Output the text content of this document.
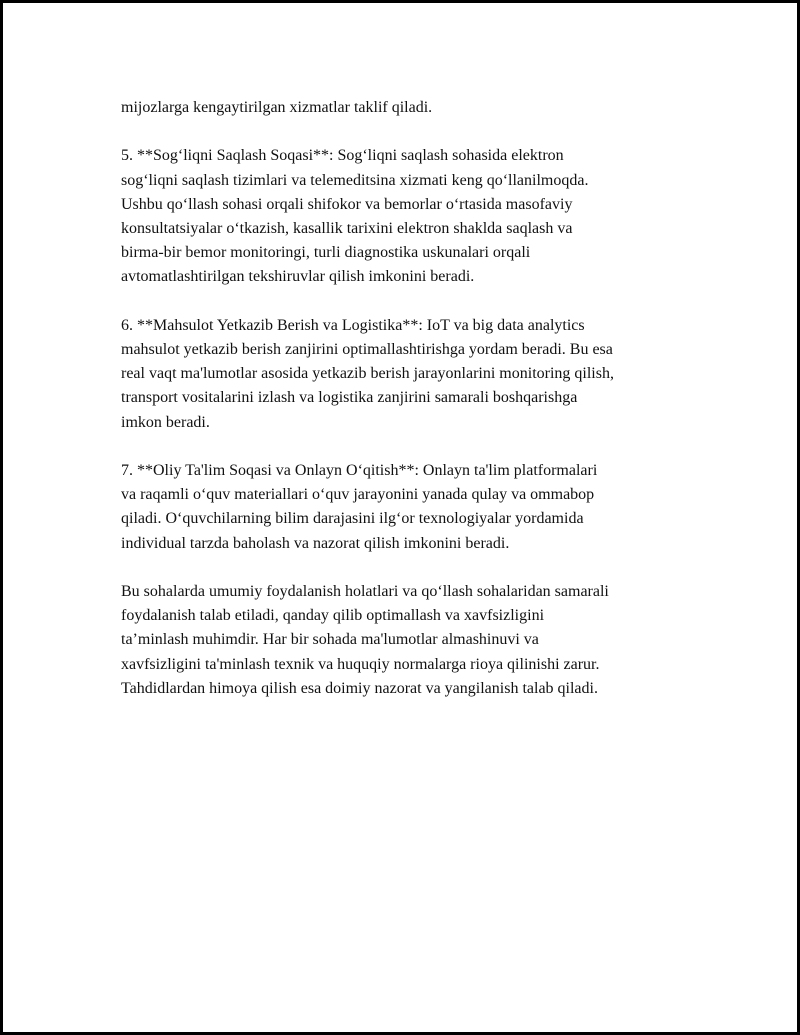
mijozlarga kengaytirilgan xizmatlar taklif qiladi.

5. **Sog‘liqni Saqlash Soqasi**: Sog‘liqni saqlash sohasida elektron
sog‘liqni saqlash tizimlari va telemeditsina xizmati keng qo‘llanilmoqda.
Ushbu qo‘llash sohasi orqali shifokor va bemorlar o‘rtasida masofaviy
konsultatsiyalar o‘tkazish, kasallik tarixini elektron shaklda saqlash va
birma-bir bemor monitoringi, turli diagnostika uskunalari orqali
avtomatlashtirilgan tekshiruvlar qilish imkonini beradi.

6. **Mahsulot Yetkazib Berish va Logistika**: IoT va big data analytics
mahsulot yetkazib berish zanjirini optimallashtirishga yordam beradi. Bu esa
real vaqt ma'lumotlar asosida yetkazib berish jarayonlarini monitoring qilish,
transport vositalarini izlash va logistika zanjirini samarali boshqarishga
imkon beradi.

7. **Oliy Ta'lim Soqasi va Onlayn O‘qitish**: Onlayn ta'lim platformalari
va raqamli o‘quv materiallari o‘quv jarayonini yanada qulay va ommabop
qiladi. O‘quvchilarning bilim darajasini ilg‘or texnologiyalar yordamida
individual tarzda baholash va nazorat qilish imkonini beradi.

Bu sohalarda umumiy foydalanish holatlari va qo‘llash sohalaridan samarali
foydalanish talab etiladi, qanday qilib optimallash va xavfsizligini
ta’minlash muhimdir. Har bir sohada ma'lumotlar almashinuvi va
xavfsizligini ta'minlash texnik va huquqiy normalarga rioya qilinishi zarur.
Tahdidlardan himoya qilish esa doimiy nazorat va yangilanish talab qiladi.
